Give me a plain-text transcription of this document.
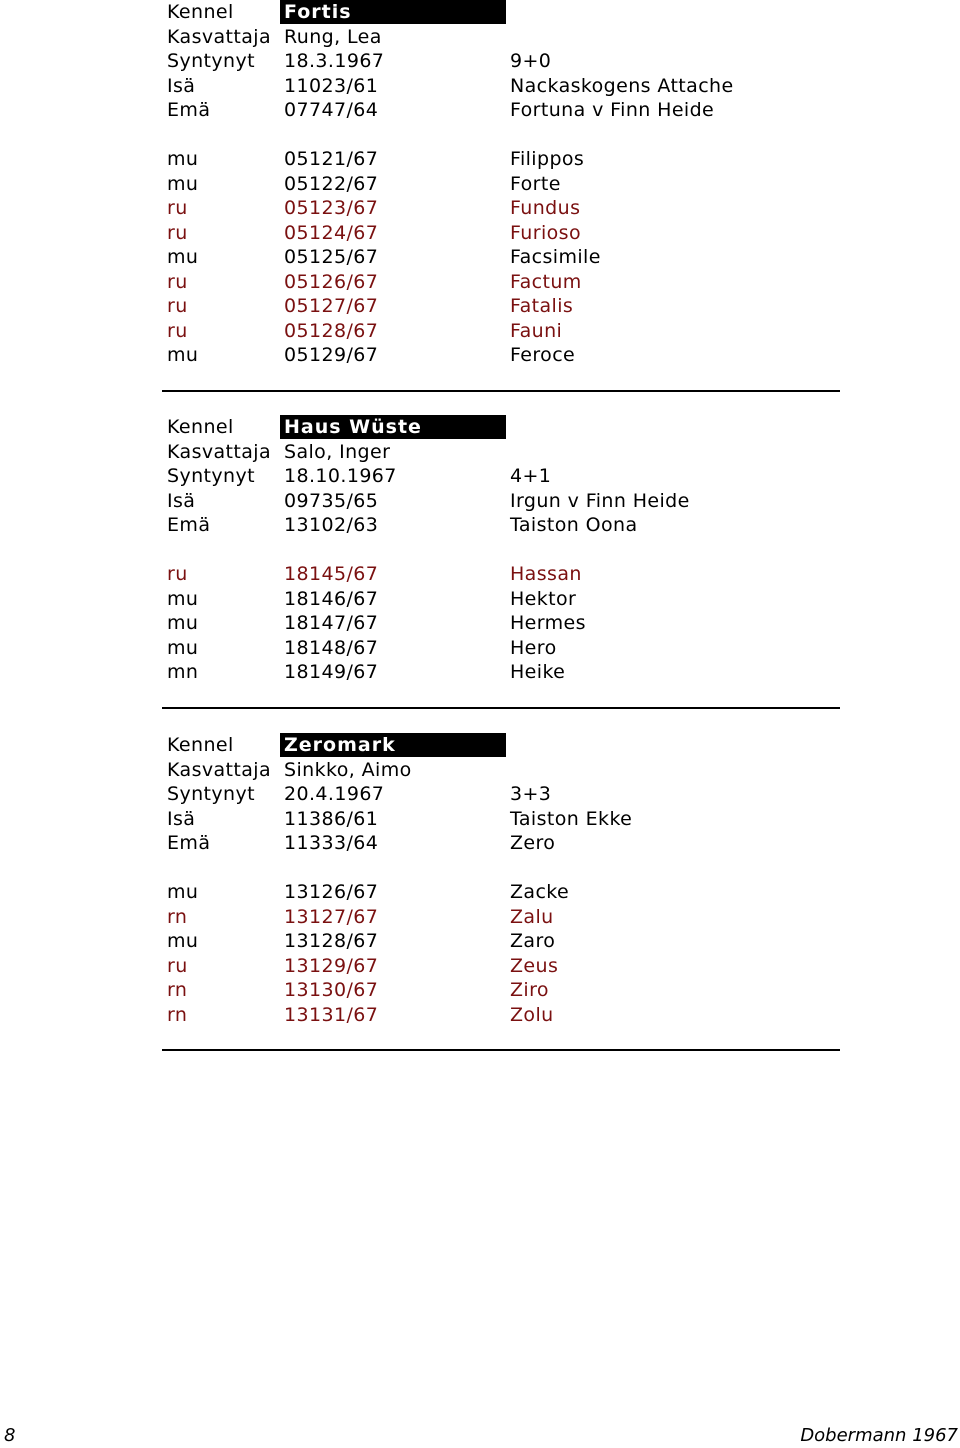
Kennel	Fortis
Kasvattaja Rung, Lea
Syntynyt 18.3.1967	9+0
Isä	11023/61	Nackaskogens Attache
Emä	07747/64	Fortuna v Finn Heide
mu	05121/67	Filippos
mu	05122/67	Forte
ru	05123/67	Fundus
ru	05124/67	Furioso
mu	05125/67	Facsimile
ru	05126/67	Factum
ru	05127/67	Fatalis
ru	05128/67	Fauni
mu	05129/67	Feroce
Kennel	Haus Wüste
Kasvattaja Salo, Inger
Syntynyt 18.10.1967	4+1
Isä	09735/65	Irgun v Finn Heide
Emä	13102/63	Taiston Oona
ru	18145/67	Hassan
mu	18146/67	Hektor
mu	18147/67	Hermes
mu	18148/67	Hero
mn	18149/67	Heike
Kennel	Zeromark
Kasvattaja Sinkko, Aimo
Syntynyt 20.4.1967	3+3
Isä	11386/61	Taiston Ekke
Emä	11333/64	Zero
mu	13126/67	Zacke
rn	13127/67	Zalu
mu	13128/67	Zaro
ru	13129/67	Zeus
rn	13130/67	Ziro
rn	13131/67	Zolu
8	Dobermann 1967
